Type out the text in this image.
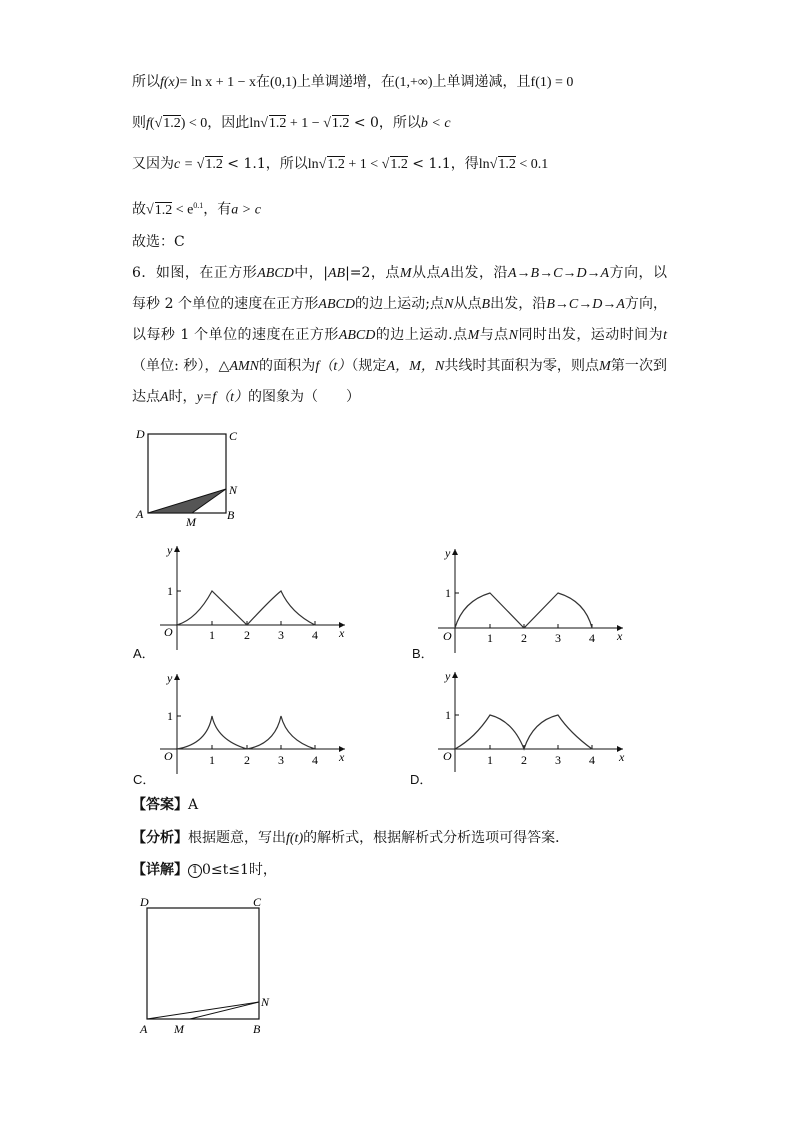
所以f(x)= ln x + 1 − x在(0,1)上单调递增，在(1,+∞)上单调递减，且f(1) = 0
则f(√1.2) < 0，因此ln√1.2 + 1 − √1.2 < 0，所以b < c
又因为c = √1.2 < 1.1，所以ln√1.2 + 1 < √1.2 < 1.1，得ln√1.2 < 0.1
故$√1.2 < e^{0.1}$，有a > c
故选：C
6．如图，在正方形ABCD中，|AB|=2，点M从点A出发，沿A→B→C→D→A方向，以每秒 2 个单位的速度在正方形ABCD的边上运动;点N从点B出发，沿B→C→D→A方向，以每秒 1 个单位的速度在正方形ABCD的边上运动.点M与点N同时出发，运动时间为t（单位: 秒），△AMN的面积为f（t）（规定A，M，N共线时其面积为零，则点M第一次到达点A时，y=f（t）的图象为（　　）
D	C
A	B
M
N
y
x
O
1
1 2 3 4
A．
y
x
O
1
1 2 3 4
B．
y
x
O
1
1 2 3 4
C．
y
x
O
1
1 2 3 4
D．
【答案】A
【分析】根据题意，写出f(t)的解析式，根据解析式分析选项可得答案．
【详解】 1 0≤t≤1时，
D	C
A	B
M
N
